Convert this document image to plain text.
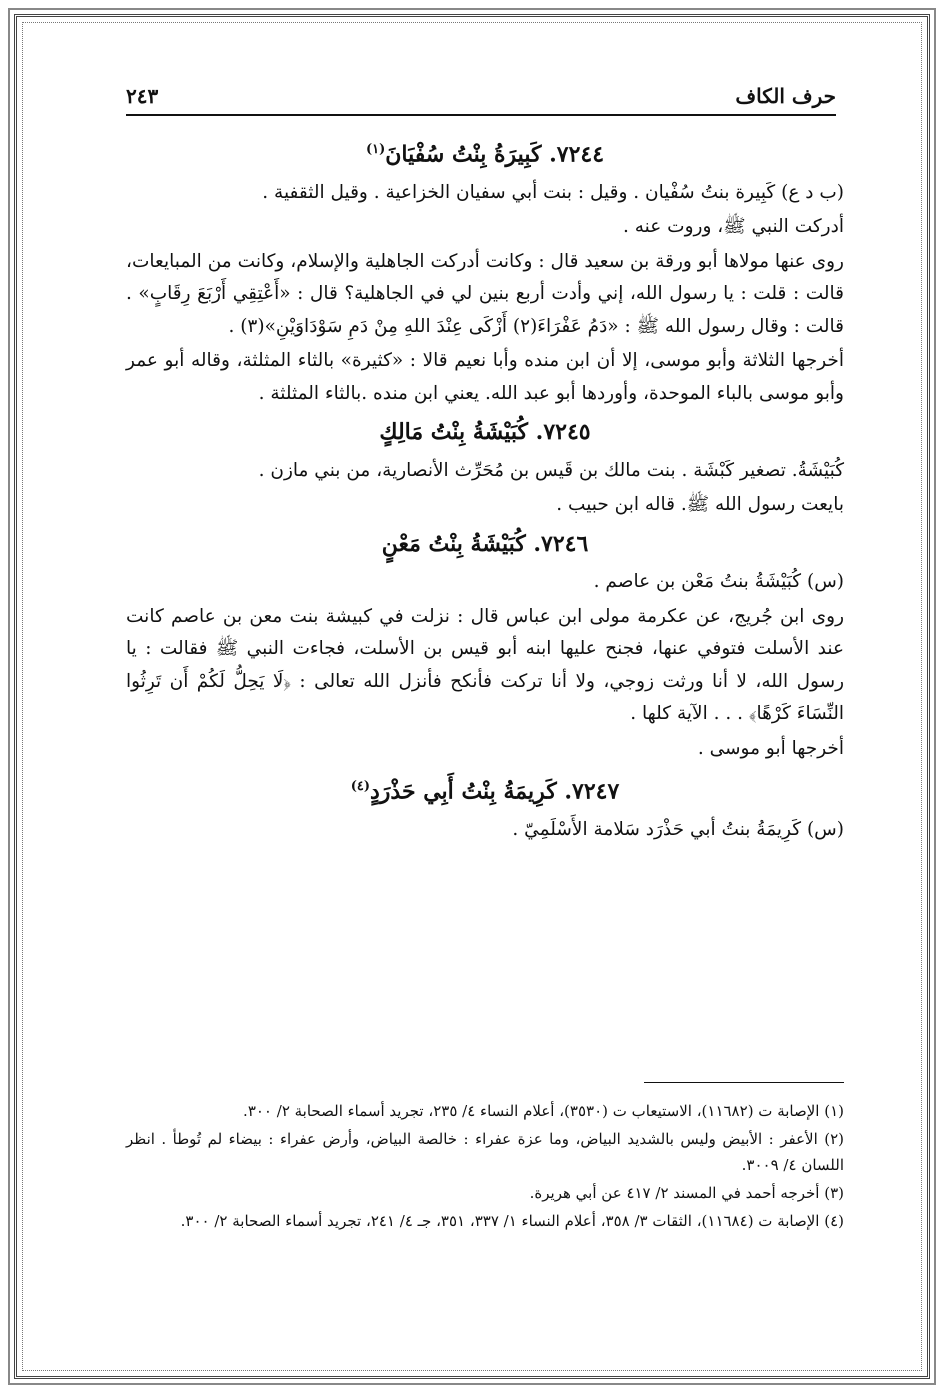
حرف الكاف
٢٤٣
٧٢٤٤. كَبِيرَةُ بِنْتُ سُفْيَانَ$^{(١)}$

(ب د ع) كَبِيرة بنتُ سُفْيان . وقيل : بنت أبي سفيان الخزاعية . وقيل الثقفية .

أدركت النبي ﷺ، وروت عنه .

روى عنها مولاها أبو ورقة بن سعيد قال : وكانت أدركت الجاهلية والإسلام، وكانت من المبايعات، قالت : قلت : يا رسول الله، إني وأدت أربع بنين لي في الجاهلية؟ قال : «أَعْتِقِي أَرْبَعَ رِقَابٍ» . قالت : وقال رسول الله ﷺ : «دَمُ عَفْرَاءَ(٢) أَزْكَى عِنْدَ اللهِ مِنْ دَمِ سَوْدَاوَيْنِ»(٣) .

أخرجها الثلاثة وأبو موسى، إلا أن ابن منده وأبا نعيم قالا : «كثيرة» بالثاء المثلثة، وقاله أبو عمر وأبو موسى بالباء الموحدة، وأوردها أبو عبد الله. يعني ابن منده .بالثاء المثلثة .

٧٢٤٥. كُبَيْشَةُ بِنْتُ مَالِكٍ

كُبَيْشَةُ. تصغير كَبْشَة . بنت مالك بن قَيس بن مُحَرِّث الأنصارية، من بني مازن .

بايعت رسول الله ﷺ. قاله ابن حبيب .

٧٢٤٦. كُبَيْشَةُ بِنْتُ مَعْنٍ

(س) كُبَيْشَةُ بنتُ مَعْن بن عاصم .

روى ابن جُريج، عن عكرمة مولى ابن عباس قال : نزلت في كبيشة بنت معن بن عاصم كانت عند الأسلت فتوفي عنها، فجنح عليها ابنه أبو قيس بن الأسلت، فجاءت النبي ﷺ فقالت : يا رسول الله، لا أنا ورثت زوجي، ولا أنا تركت فأنكح فأنزل الله تعالى : ﴿لَا يَحِلُّ لَكُمْ أَن تَرِثُوا النِّسَاءَ كَرْهًا﴾ . . . الآية كلها .

أخرجها أبو موسى .

٧٢٤٧. كَرِيمَةُ بِنْتُ أَبِي حَذْرَدٍ$^{(٤)}$

(س) كَرِيمَةُ بنتُ أبي حَذْرَد سَلامة الأَسْلَمِيّ .

(١) الإصابة ت (١١٦٨٢)، الاستيعاب ت (٣٥٣٠)، أعلام النساء ٤/ ٢٣٥، تجريد أسماء الصحابة ٢/ ٣٠٠.
(٢) الأعفر : الأبيض وليس بالشديد البياض، وما عزة عفراء : خالصة البياض، وأرض عفراء : بيضاء لم تُوطأ . انظر اللسان ٤/ ٣٠٠٩.
(٣) أخرجه أحمد في المسند ٢/ ٤١٧ عن أبي هريرة.
(٤) الإصابة ت (١١٦٨٤)، الثقات ٣/ ٣٥٨، أعلام النساء ١/ ٣٣٧، ٣٥١، جـ ٤/ ٢٤١، تجريد أسماء الصحابة ٢/ ٣٠٠.
